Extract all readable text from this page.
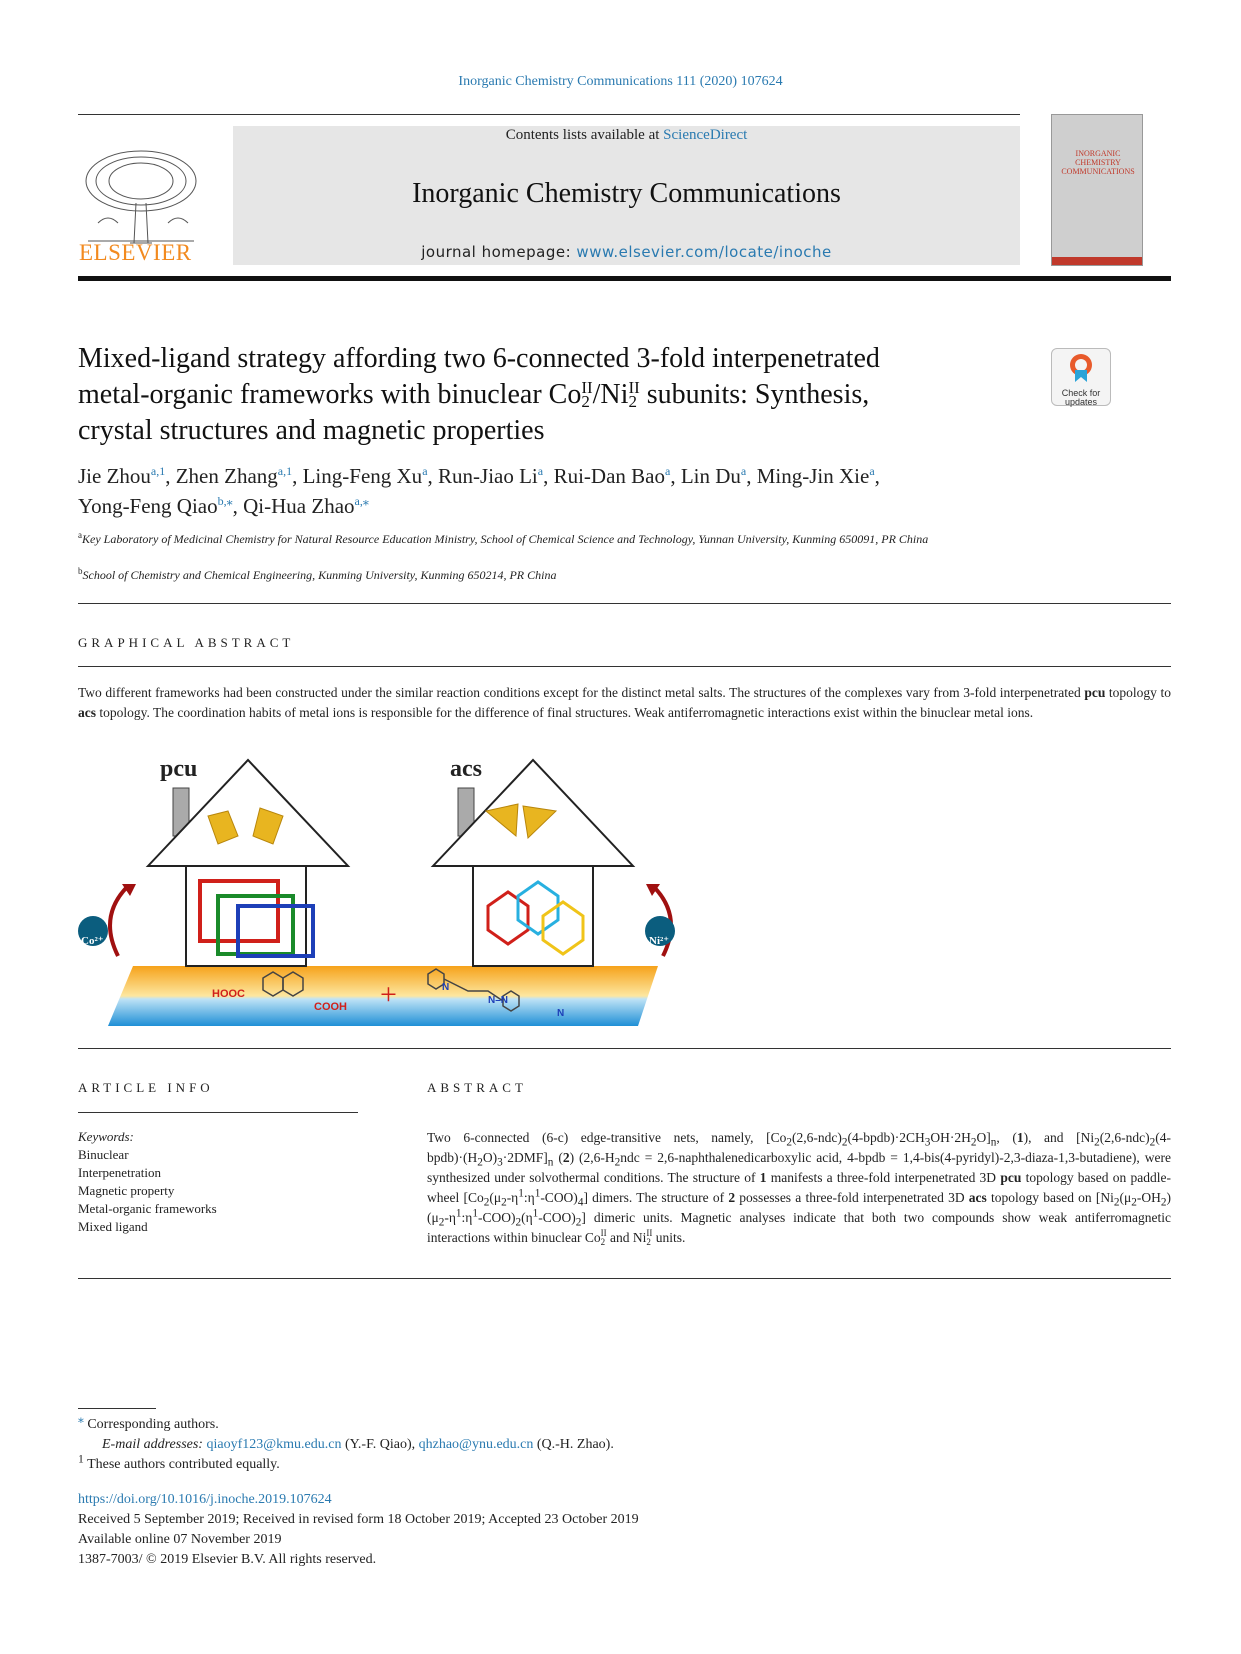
Inorganic Chemistry Communications 111 (2020) 107624
ELSEVIER
Contents lists available at ScienceDirect
Inorganic Chemistry Communications
journal homepage: www.elsevier.com/locate/inoche
INORGANIC CHEMISTRY COMMUNICATIONS
Mixed-ligand strategy affording two 6-connected 3-fold interpenetrated
metal-organic frameworks with binuclear Co II
2 /Ni II
2 subunits: Synthesis,
crystal structures and magnetic properties
Check for updates
Jie Zhou$^{a,1}$, Zhen Zhang$^{a,1}$, Ling-Feng Xu$^a$, Run-Jiao Li$^a$, Rui-Dan Bao$^a$, Lin Du$^a$, Ming-Jin Xie$^a$,
Yong-Feng Qiao$^{b,⁎}$, Qi-Hua Zhao$^{a,⁎}$
$^a$Key Laboratory of Medicinal Chemistry for Natural Resource Education Ministry, School of Chemical Science and Technology, Yunnan University, Kunming 650091, PR China
$^b$School of Chemistry and Chemical Engineering, Kunming University, Kunming 650214, PR China
GRAPHICAL ABSTRACT
Two different frameworks had been constructed under the similar reaction conditions except for the distinct metal salts. The structures of the complexes vary from 3-fold interpenetrated pcu topology to acs topology. The coordination habits of metal ions is responsible for the difference of final structures. Weak antiferromagnetic interactions exist within the binuclear metal ions.
pcu	acs
Co²⁺	Ni²⁺
HOOC
COOH +	N
N–N
N
ARTICLE INFO
Keywords:
Binuclear
Interpenetration
Magnetic property
Metal-organic frameworks
Mixed ligand
ABSTRACT
Two 6-connected (6-c) edge-transitive nets, namely, $[Co_2(2,6-ndc)_2(4-bpdb)\cdot 2CH_3OH\cdot 2H_2O]_n$, (1), and $[Ni_2(2,6-ndc)_2(4-bpdb)\cdot(H_2O)_3\cdot 2DMF]_n$ (2) ($2,6-H_2ndc$ = 2,6-naphthalenedicarboxylic acid, 4-bpdb = 1,4-bis(4-pyridyl)-2,3-diaza-1,3-butadiene), were synthesized under solvothermal conditions. The structure of 1 manifests a three-fold interpenetrated 3D pcu topology based on paddle-wheel $[Co_2(\mu_2-\eta^1:\eta^1-COO)_4]$ dimers. The structure of 2 possesses a three-fold interpenetrated 3D acs topology based on $[Ni_2(\mu_2-OH_2)(\mu_2-\eta^1:\eta^1-COO)_2(\eta^1-COO)_2]$ dimeric units. Magnetic analyses indicate that both two compounds show weak antiferromagnetic interactions within binuclear Co II
2 and Ni II
2 units.
⁎ Corresponding authors.
E-mail addresses: qiaoyf123@kmu.edu.cn (Y.-F. Qiao), qhzhao@ynu.edu.cn (Q.-H. Zhao).
$^1$ These authors contributed equally.
https://doi.org/10.1016/j.inoche.2019.107624
Received 5 September 2019; Received in revised form 18 October 2019; Accepted 23 October 2019
Available online 07 November 2019
1387-7003/ © 2019 Elsevier B.V. All rights reserved.
